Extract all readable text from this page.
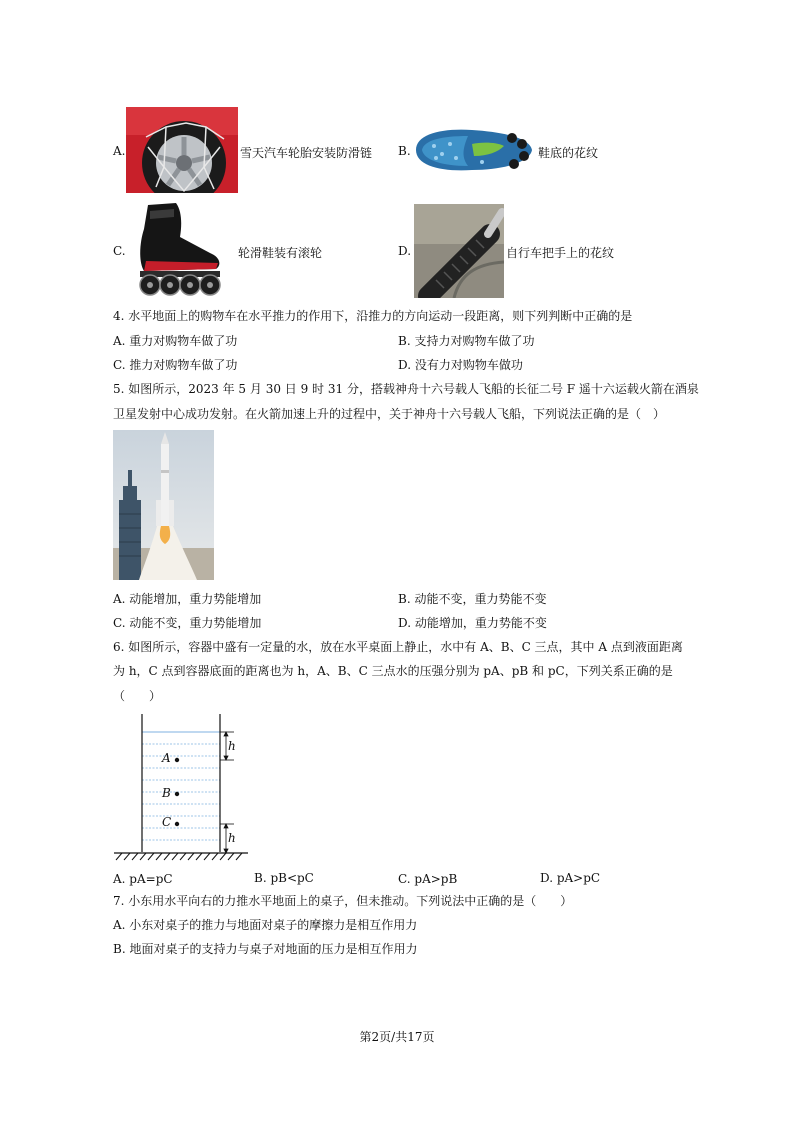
A.	雪天汽车轮胎安装防滑链 B.	鞋底的花纹
C.	轮滑鞋装有滚轮	D.	自行车把手上的花纹
4. 水平地面上的购物车在水平推力的作用下，沿推力的方向运动一段距离，则下列判断中正确的是
A. 重力对购物车做了功	B. 支持力对购物车做了功
C. 推力对购物车做了功	D. 没有力对购物车做功
5. 如图所示，2023 年 5 月 30 日 9 时 31 分，搭载神舟十六号载人飞船的长征二号 F 遥十六运载火箭在酒泉
卫星发射中心成功发射。在火箭加速上升的过程中，关于神舟十六号载人飞船，下列说法正确的是（　）
A. 动能增加，重力势能增加	B. 动能不变，重力势能不变
C. 动能不变，重力势能增加	D. 动能增加，重力势能不变
6. 如图所示，容器中盛有一定量的水，放在水平桌面上静止，水中有 A、B、C 三点，其中 A 点到液面距离
为 h，C 点到容器底面的距离也为 h，A、B、C 三点水的压强分别为 pA、pB 和 pC，下列关系正确的是
（　　）
A
B
C
h
h
A. pA=pC	B. pB<pC	C. pA>pB	D. pA>pC
7. 小东用水平向右的力推水平地面上的桌子，但未推动。下列说法中正确的是（　　）
A. 小东对桌子的推力与地面对桌子的摩擦力是相互作用力
B. 地面对桌子的支持力与桌子对地面的压力是相互作用力
第2页/共17页
